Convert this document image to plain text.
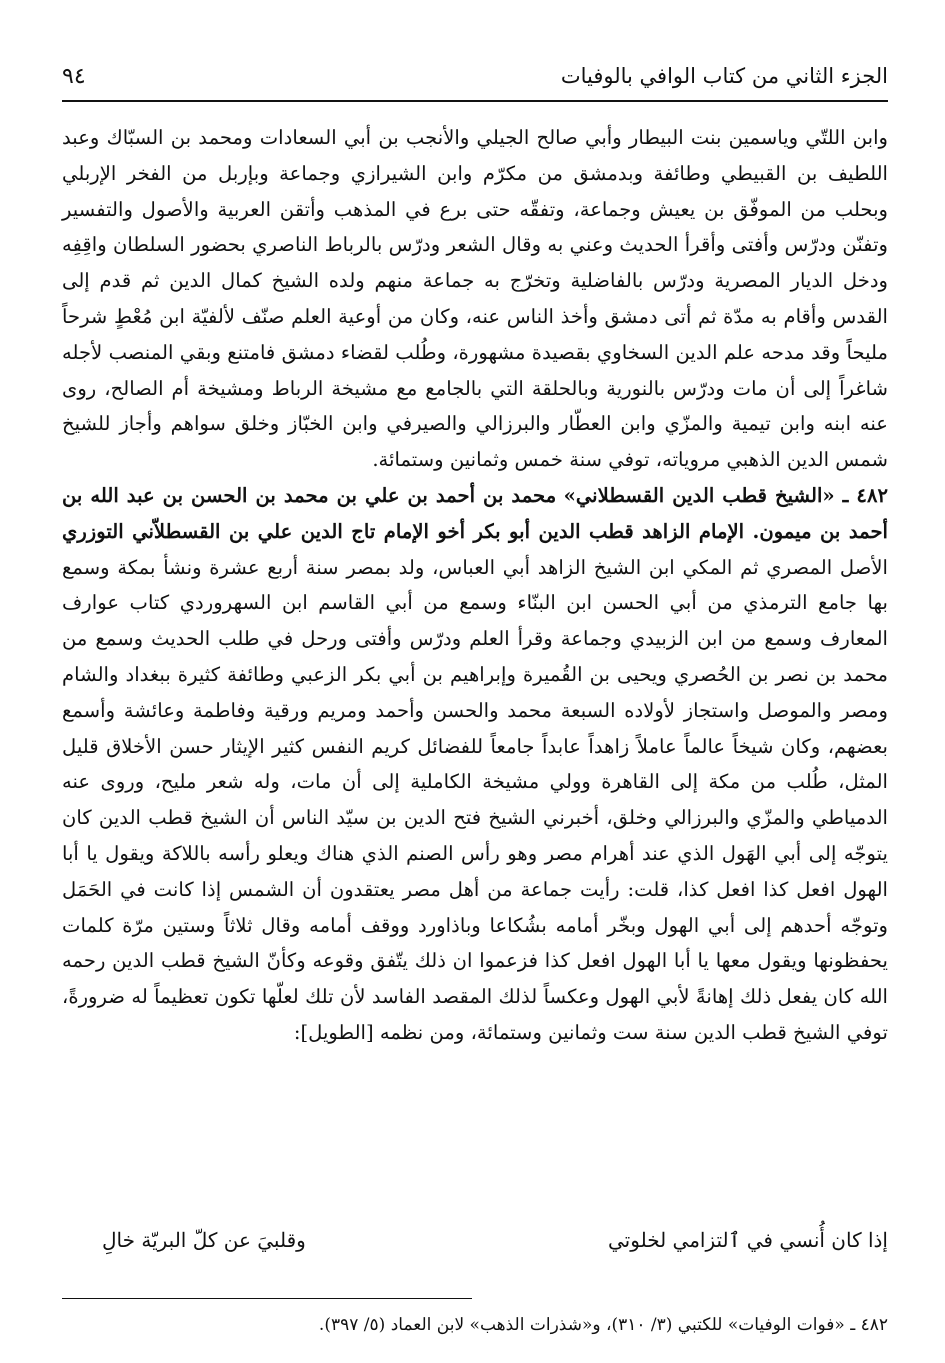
الجزء الثاني من كتاب الوافي بالوفيات
٩٤

وابن اللتّي وياسمين بنت البيطار وأبي صالح الجيلي والأنجب بن أبي السعادات ومحمد بن السبّاك وعبد اللطيف بن القبيطي وطائفة وبدمشق من مكرّم وابن الشيرازي وجماعة وبإربل من الفخر الإربلي وبحلب من الموفّق بن يعيش وجماعة، وتفقّه حتى برع في المذهب وأتقن العربية والأصول والتفسير وتفنّن ودرّس وأفتى وأقرأ الحديث وعني به وقال الشعر ودرّس بالرباط الناصري بحضور السلطان واقِفِه ودخل الديار المصرية ودرّس بالفاضلية وتخرّج به جماعة منهم ولده الشيخ كمال الدين ثم قدم إلى القدس وأقام به مدّة ثم أتى دمشق وأخذ الناس عنه، وكان من أوعية العلم صنّف لألفيّة ابن مُعْطٍ شرحاً مليحاً وقد مدحه علم الدين السخاوي بقصيدة مشهورة، وطُلب لقضاء دمشق فامتنع وبقي المنصب لأجله شاغراً إلى أن مات ودرّس بالنورية وبالحلقة التي بالجامع مع مشيخة الرباط ومشيخة أم الصالح، روى عنه ابنه وابن تيمية والمزّي وابن العطّار والبرزالي والصيرفي وابن الخبّاز وخلق سواهم وأجاز للشيخ شمس الدين الذهبي مروياته، توفي سنة خمس وثمانين وستمائة.

٤٨٢ ـ «الشيخ قطب الدين القسطلاني» محمد بن أحمد بن علي بن محمد بن الحسن بن عبد الله بن أحمد بن ميمون. الإمام الزاهد قطب الدين أبو بكر أخو الإمام تاج الدين علي بن القسطلاّني التوزري الأصل المصري ثم المكي ابن الشيخ الزاهد أبي العباس، ولد بمصر سنة أربع عشرة ونشأ بمكة وسمع بها جامع الترمذي من أبي الحسن ابن البنّاء وسمع من أبي القاسم ابن السهروردي كتاب عوارف المعارف وسمع من ابن الزبيدي وجماعة وقرأ العلم ودرّس وأفتى ورحل في طلب الحديث وسمع من محمد بن نصر بن الحُصري ويحيى بن القُميرة وإبراهيم بن أبي بكر الزعبي وطائفة كثيرة ببغداد والشام ومصر والموصل واستجاز لأولاده السبعة محمد والحسن وأحمد ومريم ورقية وفاطمة وعائشة وأسمع بعضهم، وكان شيخاً عالماً عاملاً زاهداً عابداً جامعاً للفضائل كريم النفس كثير الإيثار حسن الأخلاق قليل المثل، طُلب من مكة إلى القاهرة وولي مشيخة الكاملية إلى أن مات، وله شعر مليح، وروى عنه الدمياطي والمزّي والبرزالي وخلق، أخبرني الشيخ فتح الدين بن سيّد الناس أن الشيخ قطب الدين كان يتوجّه إلى أبي الهَول الذي عند أهرام مصر وهو رأس الصنم الذي هناك ويعلو رأسه باللاكة ويقول يا أبا الهول افعل كذا افعل كذا، قلت: رأيت جماعة من أهل مصر يعتقدون أن الشمس إذا كانت في الحَمَل وتوجّه أحدهم إلى أبي الهول وبخّر أمامه بشُكاعا وباذاورد ووقف أمامه وقال ثلاثاً وستين مرّة كلمات يحفظونها ويقول معها يا أبا الهول افعل كذا فزعموا ان ذلك يتّفق وقوعه وكأنّ الشيخ قطب الدين رحمه الله كان يفعل ذلك إهانةً لأبي الهول وعكساً لذلك المقصد الفاسد لأن تلك لعلّها تكون تعظيماً له ضرورةً، توفي الشيخ قطب الدين سنة ست وثمانين وستمائة، ومن نظمه [الطويل]:

إذا كان أُنسي في ٱلتزامي لخلوتي
وقلبيَ عن كلّ البريّة خالِ
٤٨٢ ـ «فوات الوفيات» للكتبي (٣/ ٣١٠)، و«شذرات الذهب» لابن العماد (٥/ ٣٩٧).
